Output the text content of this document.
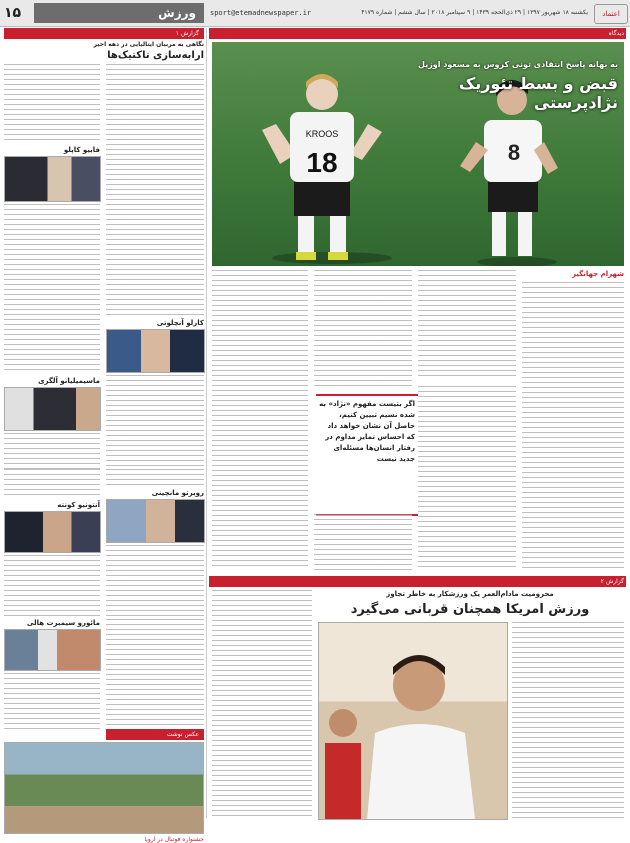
۱۵	ورزش	sport@etemadnewspaper.ir	یکشنبه ۱۸ شهریور ۱۳۹۷ | ۲۹ ذی‌الحجه ۱۴۳۹ | ۹ سپتامبر ۲۰۱۸ | سال ششم | شماره ۴۱۷۹	اعتماد
گزارش ۱
نگاهی به مربیان ایتالیایی در دهه اخیر
ارابه‌سازی تاکتیک‌ها
فابیو کاپلو
کارلو آنچلوتی
ماسیمیلیانو آلگری
آنتونیو کونته
روبرتو مانچینی
مائورو سیمبرت هالی
عکس نوشت
جشنواره فوتبال در اروپا
دیدگاه
KROOS
18	8
به بهانه پاسخ انتقادی تونی کروس به مسعود اوزیل
قبض و بسط تئوریک نژادپرستی
شهرام جهانگیر
اگر بتیست مفهوم «نژاد» به شده نسیم تبیین کنیم، حاصل آن نشان خواهد داد که احساس تمایز مداوم در رفتار انسان‌ها مسئله‌ای جدید نیست
گزارش ۲
محرومیت مادام‌العمر یک ورزشکار به خاطر تجاوز
ورزش امریکا همچنان قربانی می‌گیرد
